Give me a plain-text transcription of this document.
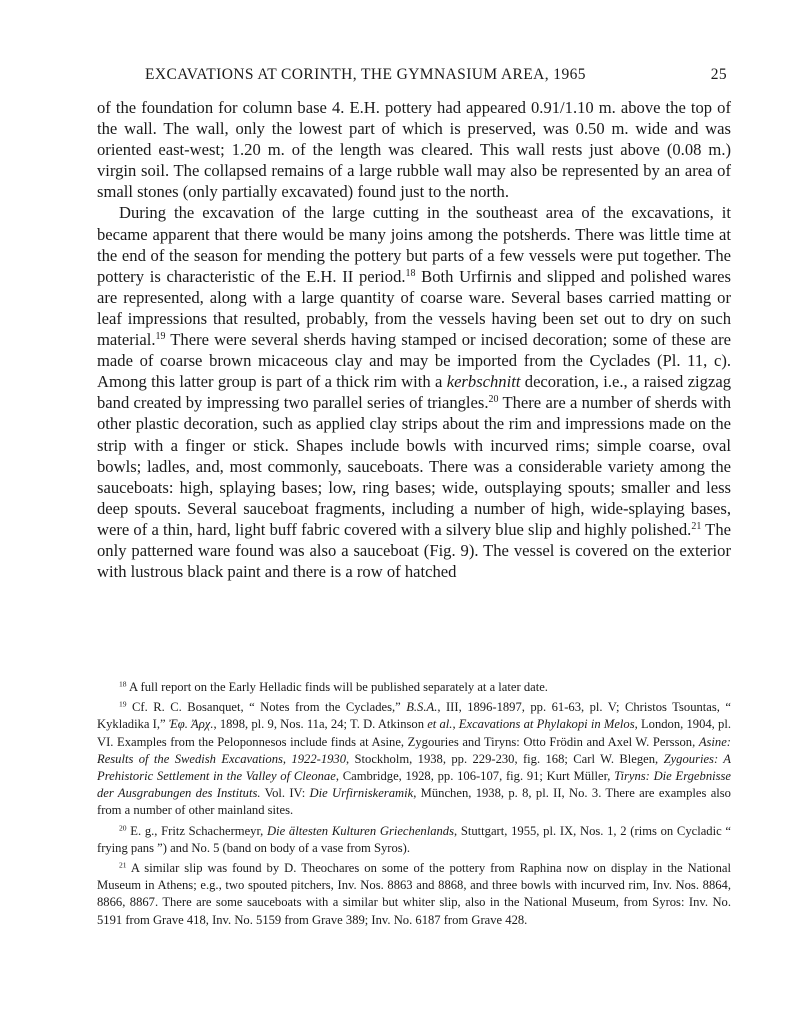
EXCAVATIONS AT CORINTH, THE GYMNASIUM AREA, 1965	25

of the foundation for column base 4. E.H. pottery had appeared 0.91/1.10 m. above the top of the wall. The wall, only the lowest part of which is preserved, was 0.50 m. wide and was oriented east-west; 1.20 m. of the length was cleared. This wall rests just above (0.08 m.) virgin soil. The collapsed remains of a large rubble wall may also be represented by an area of small stones (only partially excavated) found just to the north.

During the excavation of the large cutting in the southeast area of the excavations, it became apparent that there would be many joins among the potsherds. There was little time at the end of the season for mending the pottery but parts of a few vessels were put together. The pottery is characteristic of the E.H. II period.$^{18}$ Both Urfirnis and slipped and polished wares are represented, along with a large quantity of coarse ware. Several bases carried matting or leaf impressions that resulted, probably, from the vessels having been set out to dry on such material.$^{19}$ There were several sherds having stamped or incised decoration; some of these are made of coarse brown micaceous clay and may be imported from the Cyclades (Pl. 11, c). Among this latter group is part of a thick rim with a kerbschnitt decoration, i.e., a raised zigzag band created by impressing two parallel series of triangles.$^{20}$ There are a number of sherds with other plastic decoration, such as applied clay strips about the rim and impressions made on the strip with a finger or stick. Shapes include bowls with incurved rims; simple coarse, oval bowls; ladles, and, most commonly, sauceboats. There was a considerable variety among the sauceboats: high, splaying bases; low, ring bases; wide, outsplaying spouts; smaller and less deep spouts. Several sauceboat fragments, including a number of high, wide-splaying bases, were of a thin, hard, light buff fabric covered with a silvery blue slip and highly polished.$^{21}$ The only patterned ware found was also a sauceboat (Fig. 9). The vessel is covered on the exterior with lustrous black paint and there is a row of hatched

$^{18}$ A full report on the Early Helladic finds will be published separately at a later date.

$^{19}$ Cf. R. C. Bosanquet, “ Notes from the Cyclades,” B.S.A., III, 1896-1897, pp. 61-63, pl. V; Christos Tsountas, “ Kykladika I,” Ἐφ. Ἀρχ., 1898, pl. 9, Nos. 11a, 24; T. D. Atkinson et al., Excavations at Phylakopi in Melos, London, 1904, pl. VI. Examples from the Peloponnesos include finds at Asine, Zygouries and Tiryns: Otto Frödin and Axel W. Persson, Asine: Results of the Swedish Excavations, 1922-1930, Stockholm, 1938, pp. 229-230, fig. 168; Carl W. Blegen, Zygouries: A Prehistoric Settlement in the Valley of Cleonae, Cambridge, 1928, pp. 106-107, fig. 91; Kurt Müller, Tiryns: Die Ergebnisse der Ausgrabungen des Instituts. Vol. IV: Die Urfirniskeramik, München, 1938, p. 8, pl. II, No. 3. There are examples also from a number of other mainland sites.

$^{20}$ E. g., Fritz Schachermeyr, Die ältesten Kulturen Griechenlands, Stuttgart, 1955, pl. IX, Nos. 1, 2 (rims on Cycladic “ frying pans ”) and No. 5 (band on body of a vase from Syros).

$^{21}$ A similar slip was found by D. Theochares on some of the pottery from Raphina now on display in the National Museum in Athens; e.g., two spouted pitchers, Inv. Nos. 8863 and 8868, and three bowls with incurved rim, Inv. Nos. 8864, 8866, 8867. There are some sauceboats with a similar but whiter slip, also in the National Museum, from Syros: Inv. No. 5191 from Grave 418, Inv. No. 5159 from Grave 389; Inv. No. 6187 from Grave 428.
